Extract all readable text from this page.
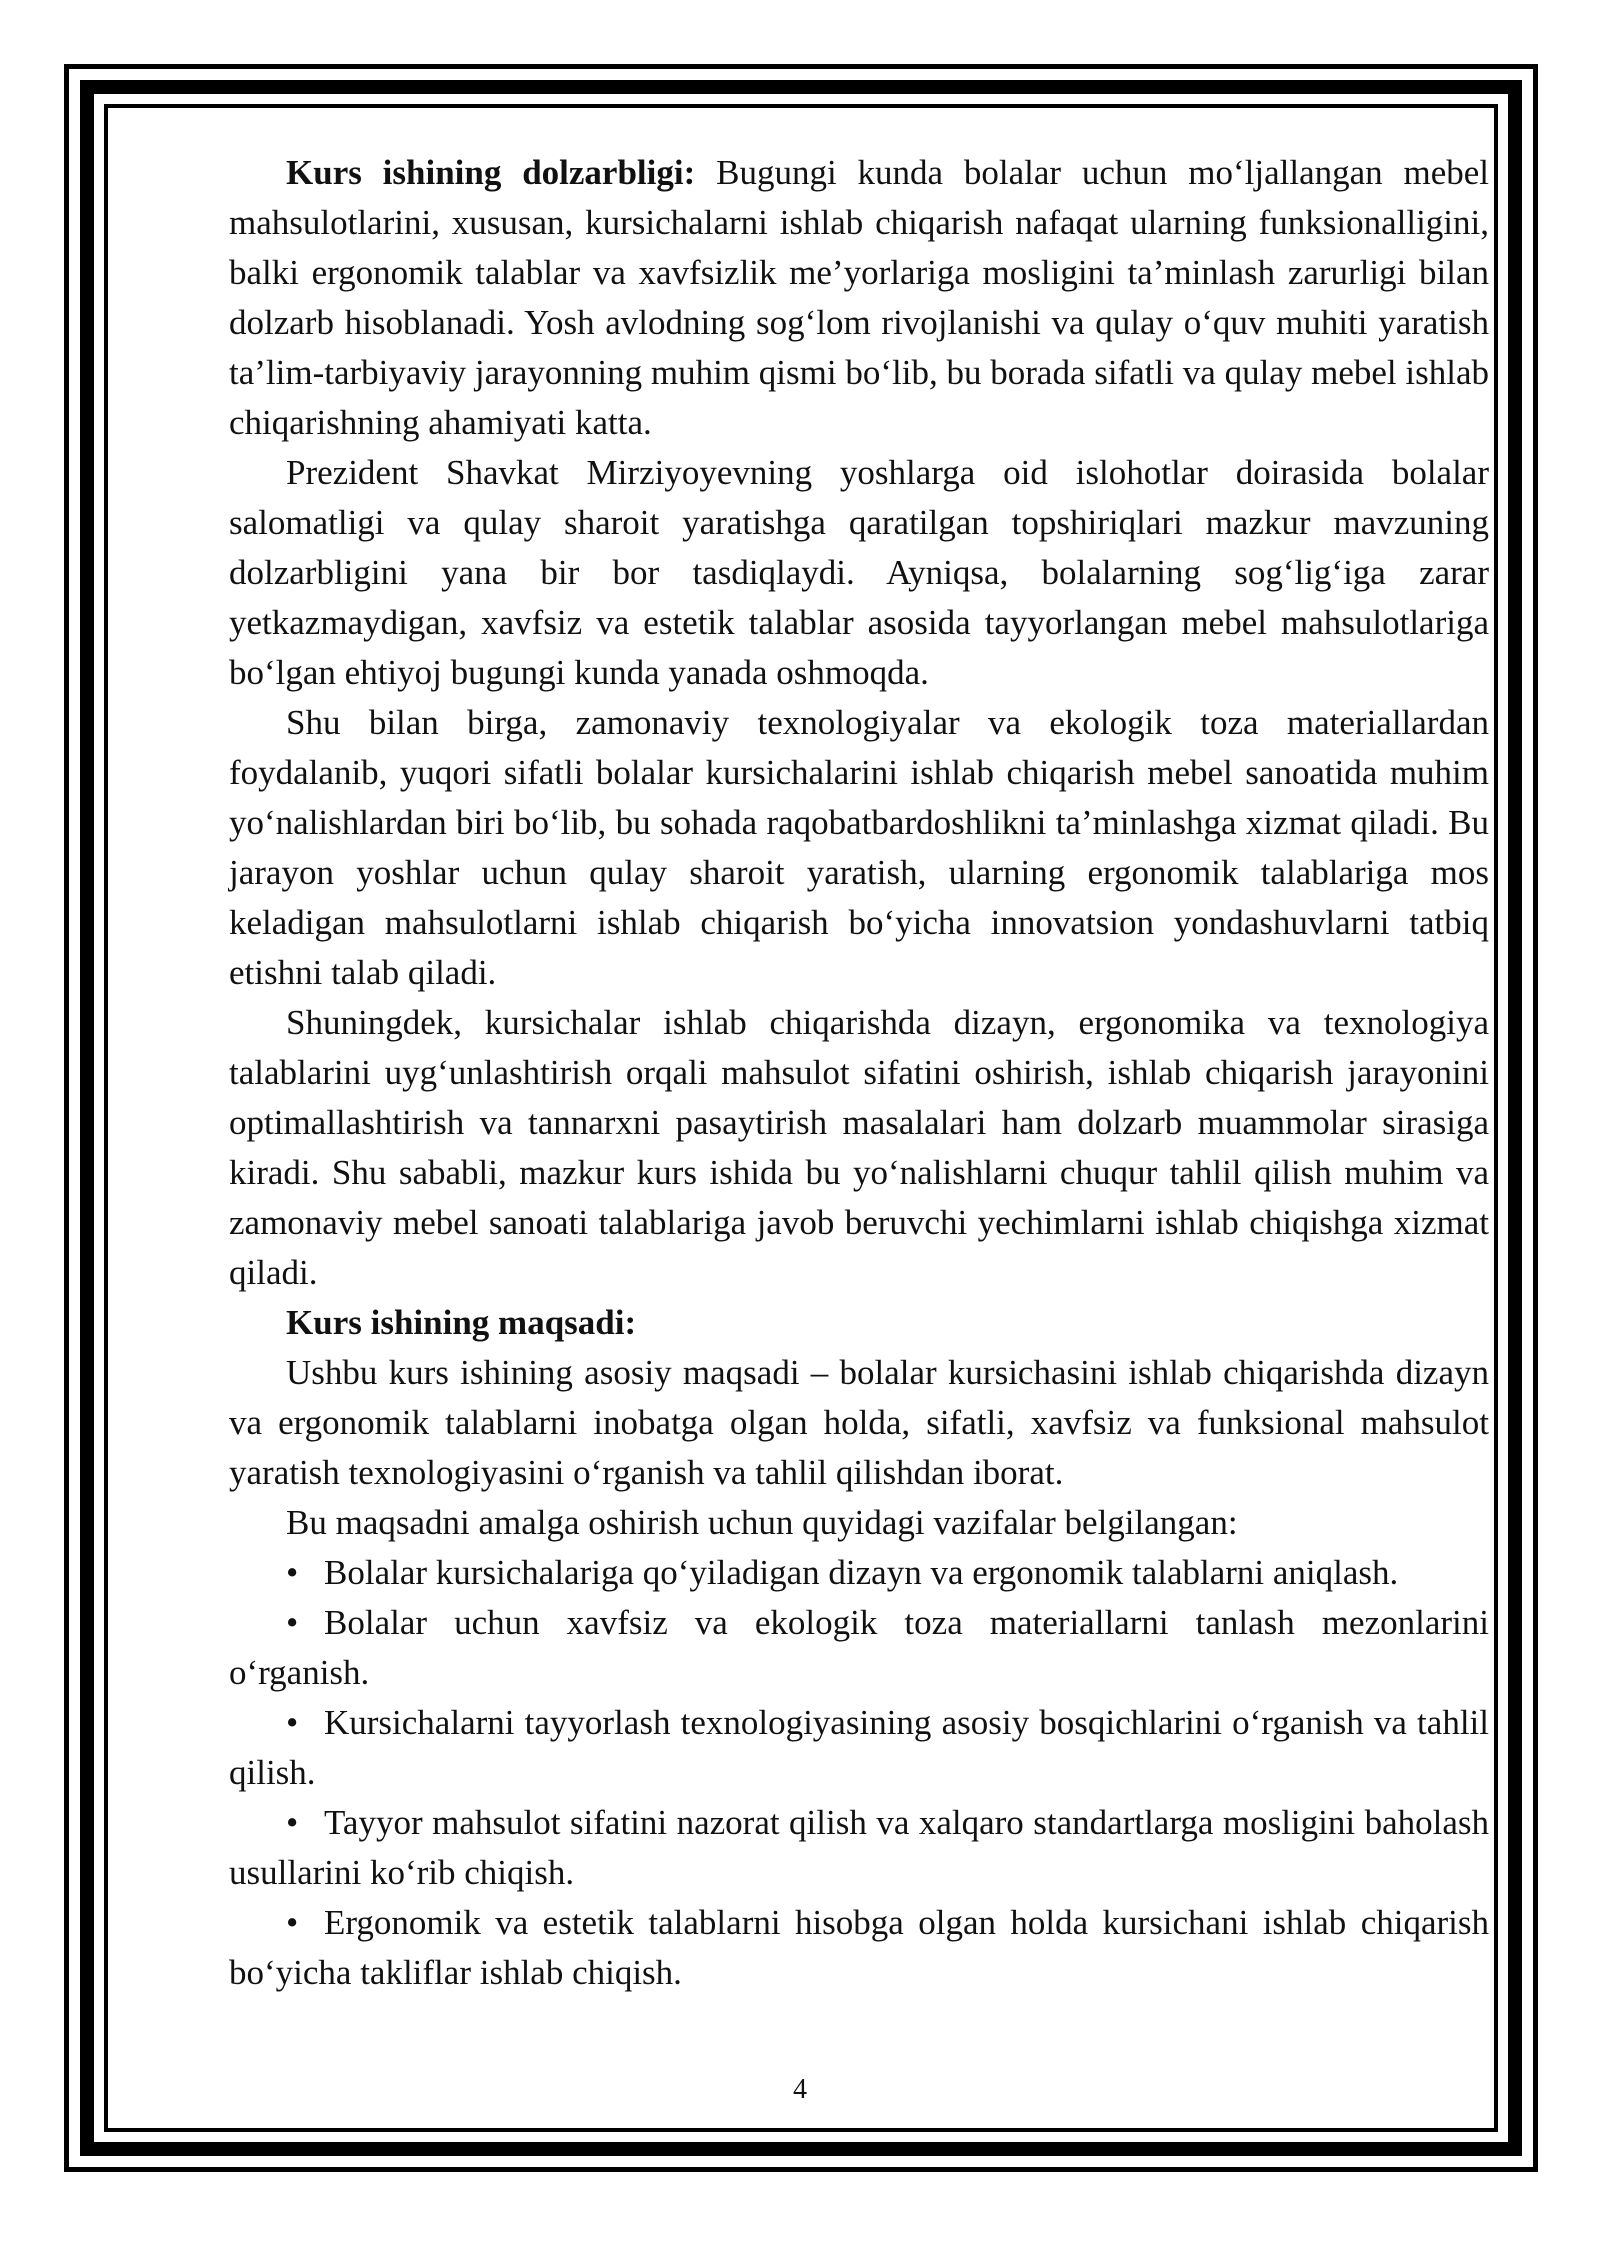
Kurs ishining dolzarbligi: Bugungi kunda bolalar uchun mo‘ljallangan mebel mahsulotlarini, xususan, kursichalarni ishlab chiqarish nafaqat ularning funksionalligini, balki ergonomik talablar va xavfsizlik me’yorlariga mosligini ta’minlash zarurligi bilan dolzarb hisoblanadi. Yosh avlodning sog‘lom rivojlanishi va qulay o‘quv muhiti yaratish ta’lim-tarbiyaviy jarayonning muhim qismi bo‘lib, bu borada sifatli va qulay mebel ishlab chiqarishning ahamiyati katta.

Prezident Shavkat Mirziyoyevning yoshlarga oid islohotlar doirasida bolalar salomatligi va qulay sharoit yaratishga qaratilgan topshiriqlari mazkur mavzuning dolzarbligini yana bir bor tasdiqlaydi. Ayniqsa, bolalarning sog‘lig‘iga zarar yetkazmaydigan, xavfsiz va estetik talablar asosida tayyorlangan mebel mahsulotlariga bo‘lgan ehtiyoj bugungi kunda yanada oshmoqda.

Shu bilan birga, zamonaviy texnologiyalar va ekologik toza materiallardan foydalanib, yuqori sifatli bolalar kursichalarini ishlab chiqarish mebel sanoatida muhim yo‘nalishlardan biri bo‘lib, bu sohada raqobatbardoshlikni ta’minlashga xizmat qiladi. Bu jarayon yoshlar uchun qulay sharoit yaratish, ularning ergonomik talablariga mos keladigan mahsulotlarni ishlab chiqarish bo‘yicha innovatsion yondashuvlarni tatbiq etishni talab qiladi.

Shuningdek, kursichalar ishlab chiqarishda dizayn, ergonomika va texnologiya talablarini uyg‘unlashtirish orqali mahsulot sifatini oshirish, ishlab chiqarish jarayonini optimallashtirish va tannarxni pasaytirish masalalari ham dolzarb muammolar sirasiga kiradi. Shu sababli, mazkur kurs ishida bu yo‘nalishlarni chuqur tahlil qilish muhim va zamonaviy mebel sanoati talablariga javob beruvchi yechimlarni ishlab chiqishga xizmat qiladi.

Kurs ishining maqsadi:

Ushbu kurs ishining asosiy maqsadi – bolalar kursichasini ishlab chiqarishda dizayn va ergonomik talablarni inobatga olgan holda, sifatli, xavfsiz va funksional mahsulot yaratish texnologiyasini o‘rganish va tahlil qilishdan iborat.

Bu maqsadni amalga oshirish uchun quyidagi vazifalar belgilangan:

• Bolalar kursichalariga qo‘yiladigan dizayn va ergonomik talablarni aniqlash.

• Bolalar uchun xavfsiz va ekologik toza materiallarni tanlash mezonlarini o‘rganish.

• Kursichalarni tayyorlash texnologiyasining asosiy bosqichlarini o‘rganish va tahlil qilish.

• Tayyor mahsulot sifatini nazorat qilish va xalqaro standartlarga mosligini baholash usullarini ko‘rib chiqish.

• Ergonomik va estetik talablarni hisobga olgan holda kursichani ishlab chiqarish bo‘yicha takliflar ishlab chiqish.

4
